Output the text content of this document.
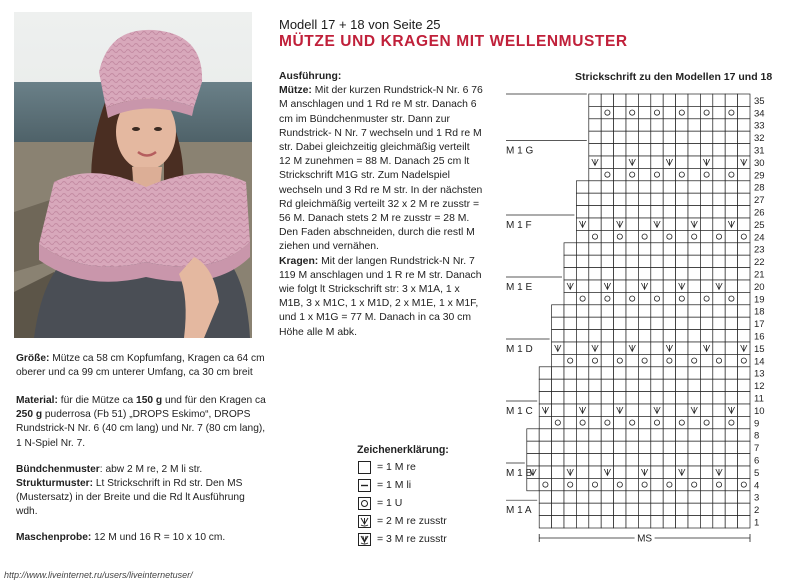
Modell 17 + 18 von Seite 25
MÜTZE UND KRAGEN MIT WELLENMUSTER

Ausführung:

Mütze: Mit der kurzen Rundstrick-N Nr. 6 76 M anschlagen und 1 Rd re M str. Danach 6 cm im Bündchenmuster str. Dann zur Rundstrick- N Nr. 7 wechseln und 1 Rd re M str. Dabei gleichzeitig gleichmäßig verteilt 12 M zunehmen = 88 M. Danach 25 cm lt Strickschrift M1G str. Zum Nadelspiel wechseln und 3 Rd re M str. In der nächsten Rd gleichmäßig verteilt 32 x 2 M re zusstr = 56 M. Danach stets 2 M re zusstr = 28 M. Den Faden abschneiden, durch die restl M ziehen und vernähen.

Kragen: Mit der langen Rundstrick-N Nr. 7 119 M anschlagen und 1 R re M str. Danach wie folgt lt Strickschrift str: 3 x M1A, 1 x M1B, 3 x M1C, 1 x M1D, 2 x M1E, 1 x M1F, und 1 x M1G = 77 M. Danach in ca 30 cm Höhe alle M abk.

Größe: Mütze ca 58 cm Kopfumfang, Kragen ca 64 cm oberer und ca 99 cm unterer Umfang, ca 30 cm breit
Material: für die Mütze ca 150 g und für den Kragen ca 250 g puderrosa (Fb 51) „DROPS Eskimo“, DROPS Rundstrick-N Nr. 6 (40 cm lang) und Nr. 7 (80 cm lang), 1 N-Spiel Nr. 7.
Bündchenmuster: abw 2 M re, 2 M li str.
Strukturmuster: Lt Strickschrift in Rd str. Den MS (Mustersatz) in der Breite und die Rd lt Ausführung wdh.
Maschenprobe: 12 M und 16 R = 10 x 10 cm.
Zeichenerklärung:
= 1 M re
= 1 M li
= 1 U
= 2 M re zusstr
= 3 M re zusstr
Strickschrift zu den Modellen 17 und 18
35
34
33
32
31
30
29
28
27
26
25
24
23
22
21
20
19
18
17
16
15
14
13
12
11
10
9
8
7
6
5
4
3
2
1
M 1 G
M 1 F
M 1 E
M 1 D
M 1 C
M 1 B
M 1 A
MS
http://www.liveinternet.ru/users/liveinternetuser/
